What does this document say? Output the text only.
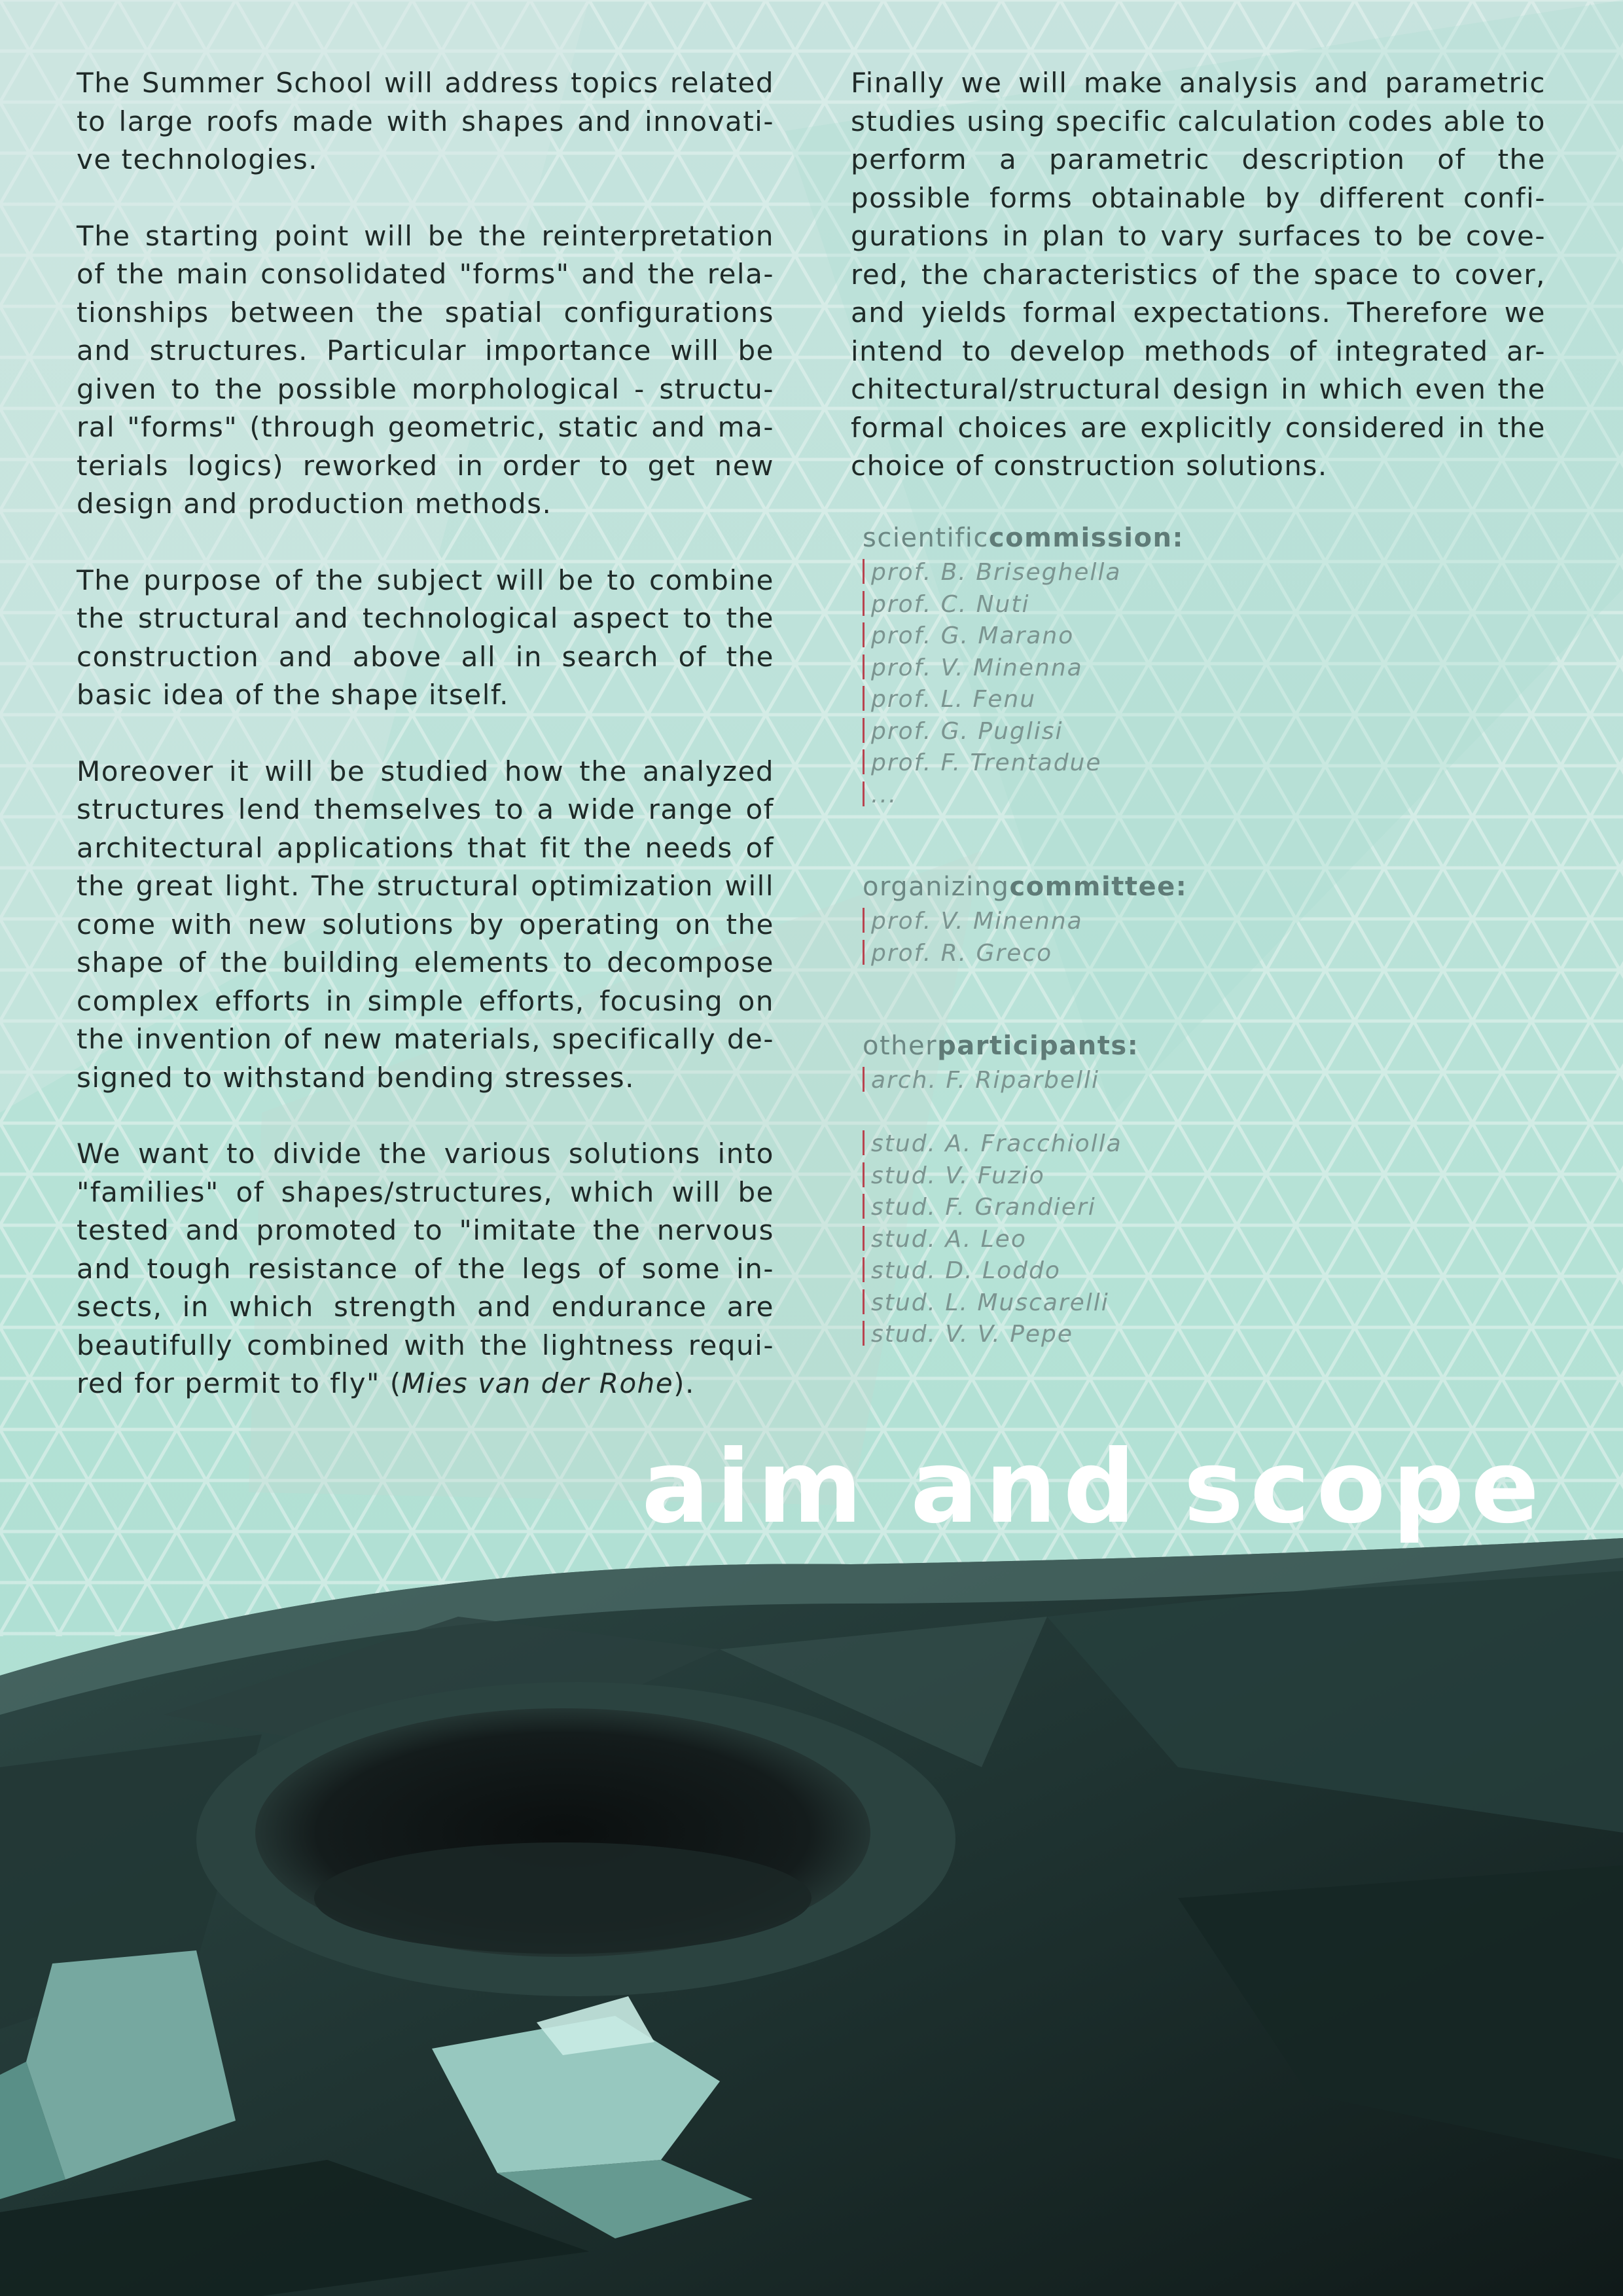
The Summer School will address topics related to large roofs made with shapes and innovati-ve technologies.

The starting point will be the reinterpretation of the main consolidated "forms" and the rela-tionships between the spatial configurations and structures. Particular importance will be given to the possible morphological - structu-ral "forms" (through geometric, static and ma-terials logics) reworked in order to get new design and production methods.

The purpose of the subject will be to combine the structural and technological aspect to the construction and above all in search of the basic idea of the shape itself.

Moreover it will be studied how the analyzed structures lend themselves to a wide range of architectural applications that fit the needs of the great light. The structural optimization will come with new solutions by operating on the shape of the building elements to decompose complex efforts in simple efforts, focusing on the invention of new materials, specifically de-signed to withstand bending stresses.

We want to divide the various solutions into "families" of shapes/structures, which will be tested and promoted to "imitate the nervous and tough resistance of the legs of some in-sects, in which strength and endurance are beautifully combined with the lightness requi-red for permit to fly" (Mies van der Rohe).

Finally we will make analysis and parametric studies using specific calculation codes able to perform a parametric description of the possible forms obtainable by different confi-gurations in plan to vary surfaces to be cove-red, the characteristics of the space to cover, and yields formal expectations. Therefore we intend to develop methods of integrated ar-chitectural/structural design in which even the formal choices are explicitly considered in the choice of construction solutions.

scientificcommission:
prof. B. Briseghella
prof. C. Nuti
prof. G. Marano
prof. V. Minenna
prof. L. Fenu
prof. G. Puglisi
prof. F. Trentadue
...
organizingcommittee:
prof. V. Minenna
prof. R. Greco
otherparticipants:
arch. F. Riparbelli
stud. A. Fracchiolla
stud. V. Fuzio
stud. F. Grandieri
stud. A. Leo
stud. D. Loddo
stud. L. Muscarelli
stud. V. V. Pepe
aim and scope
